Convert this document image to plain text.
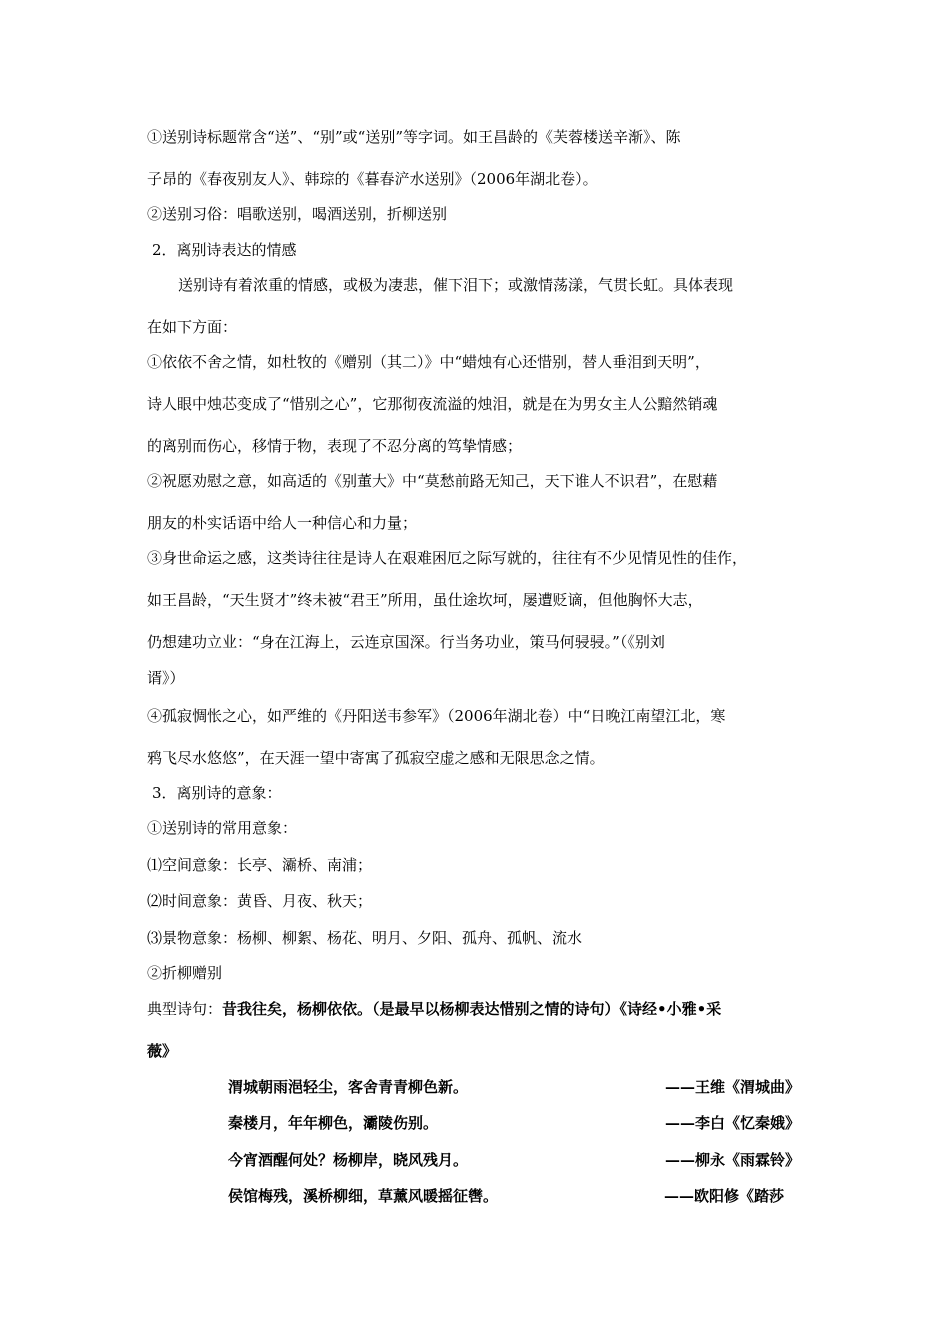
①送别诗标题常含“送”、“别”或“送别”等字词。如王昌龄的《芙蓉楼送辛渐》、陈
子昂的《春夜别友人》、韩琮的《暮春浐水送别》（2006年湖北卷）。
②送别习俗：唱歌送别，喝酒送别，折柳送别
2．离别诗表达的情感
送别诗有着浓重的情感，或极为凄悲，催下泪下；或激情荡漾，气贯长虹。具体表现
在如下方面：
①依依不舍之情，如杜牧的《赠别（其二）》中“蜡烛有心还惜别，替人垂泪到天明”，
诗人眼中烛芯变成了“惜别之心”，它那彻夜流溢的烛泪，就是在为男女主人公黯然销魂
的离别而伤心，移情于物，表现了不忍分离的笃挚情感；
②祝愿劝慰之意，如高适的《别董大》中“莫愁前路无知己，天下谁人不识君”，在慰藉
朋友的朴实话语中给人一种信心和力量；
③身世命运之感，这类诗往往是诗人在艰难困厄之际写就的，往往有不少见情见性的佳作，
如王昌龄，“天生贤才”终未被“君王”所用，虽仕途坎坷，屡遭贬谪，但他胸怀大志，
仍想建功立业：“身在江海上，云连京国深。行当务功业，策马何骎骎。”（《别刘
谞》）
④孤寂惆怅之心，如严维的《丹阳送韦参军》（2006年湖北卷）中“日晚江南望江北，寒
鸦飞尽水悠悠”，在天涯一望中寄寓了孤寂空虚之感和无限思念之情。
3．离别诗的意象：
①送别诗的常用意象：
⑴空间意象：长亭、灞桥、南浦；
⑵时间意象：黄昏、月夜、秋天；
⑶景物意象：杨柳、柳絮、杨花、明月、夕阳、孤舟、孤帆、流水
②折柳赠别
典型诗句：昔我往矣，杨柳依依。（是最早以杨柳表达惜别之情的诗句）《诗经•小雅•采
薇》
渭城朝雨浥轻尘，客舍青青柳色新。	——王维《渭城曲》
秦楼月，年年柳色，灞陵伤别。	——李白《忆秦娥》
今宵酒醒何处？杨柳岸，晓风残月。	——柳永《雨霖铃》
侯馆梅残，溪桥柳细，草薰风暖摇征辔。	——欧阳修《踏莎
